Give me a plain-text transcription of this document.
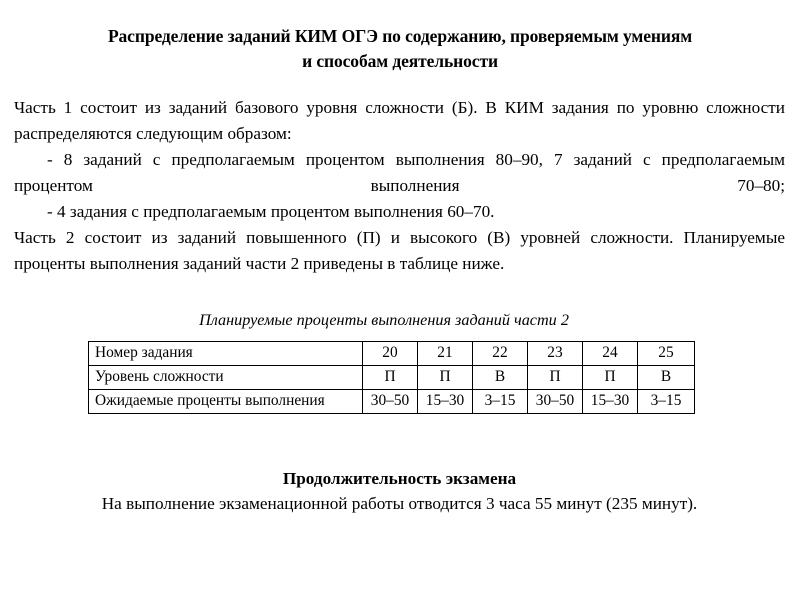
Распределение заданий КИМ ОГЭ по содержанию, проверяемым умениям
и способам деятельности

Часть 1 состоит из заданий базового уровня сложности (Б). В КИМ задания по уровню сложности распределяются следующим образом:

- 8 заданий с предполагаемым процентом выполнения 80–90, 7 заданий с предполагаемым процентом выполнения 70–80;

- 4 задания с предполагаемым процентом выполнения 60–70.

Часть 2 состоит из заданий повышенного (П) и высокого (В) уровней сложности. Планируемые проценты выполнения заданий части 2 приведены в таблице ниже.

Планируемые проценты выполнения заданий части 2
Номер задания	20	21	22	23	24	25
Уровень сложности	П	П	В	П	П	В
Ожидаемые проценты выполнения	30–50	15–30	3–15	30–50	15–30	3–15
Продолжительность экзамена
На выполнение экзаменационной работы отводится 3 часа 55 минут (235 минут).
